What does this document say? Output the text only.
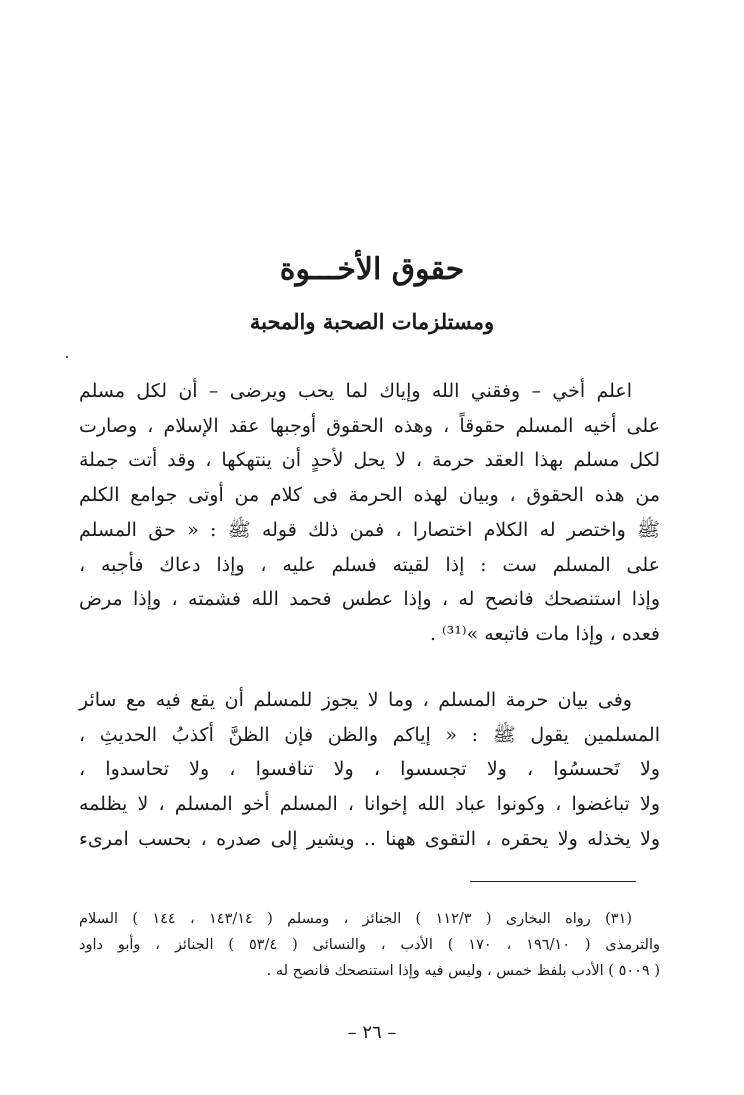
حقوق الأخـــوة
ومستلزمات الصحبة والمحبة
اعلم أخي – وفقني الله وإياك لما يحب ويرضى – أن لكل مسلم
على أخيه المسلم حقوقاً ، وهذه الحقوق أوجبها عقد الإسلام ، وصارت
لكل مسلم بهذا العقد حرمة ، لا يحل لأحدٍ أن ينتهكها ، وقد أتت جملة
من هذه الحقوق ، وبيان لهذه الحرمة فى كلام من أوتى جوامع الكلم
ﷺ واختصر له الكلام اختصارا ، فمن ذلك قوله ﷺ : « حق المسلم
على المسلم ست : إذا لقيته فسلم عليه ، وإذا دعاك فأجبه ،
وإذا استنصحك فانصح له ، وإذا عطس فحمد الله فشمته ، وإذا مرض
فعده ، وإذا مات فاتبعه »⁽³¹⁾ .
وفى بيان حرمة المسلم ، وما لا يجوز للمسلم أن يقع فيه مع سائر
المسلمين يقول ﷺ : « إياكم والظن فإن الظنَّ أكذبُ الحديثِ ،
ولا تَحسسُوا ، ولا تجسسوا ، ولا تنافسوا ، ولا تحاسدوا ،
ولا تباغضوا ، وكونوا عباد الله إخوانا ، المسلم أخو المسلم ، لا يظلمه
ولا يخذله ولا يحقره ، التقوى ههنا .. ويشير إلى صدره ، بحسب امرىء
(٣١) رواه البخارى ( ١١٢/٣ ) الجنائز ، ومسلم ( ١٤٣/١٤ ، ١٤٤ ) السلام
والترمذى ( ١٩٦/١٠ ، ١٧٠ ) الأدب ، والنسائى ( ٥٣/٤ ) الجنائز ، وأبو داود
( ٥٠٠٩ ) الأدب بلفظ خمس ، وليس فيه وإذا استنصحك فانصح له .
– ٢٦ –
